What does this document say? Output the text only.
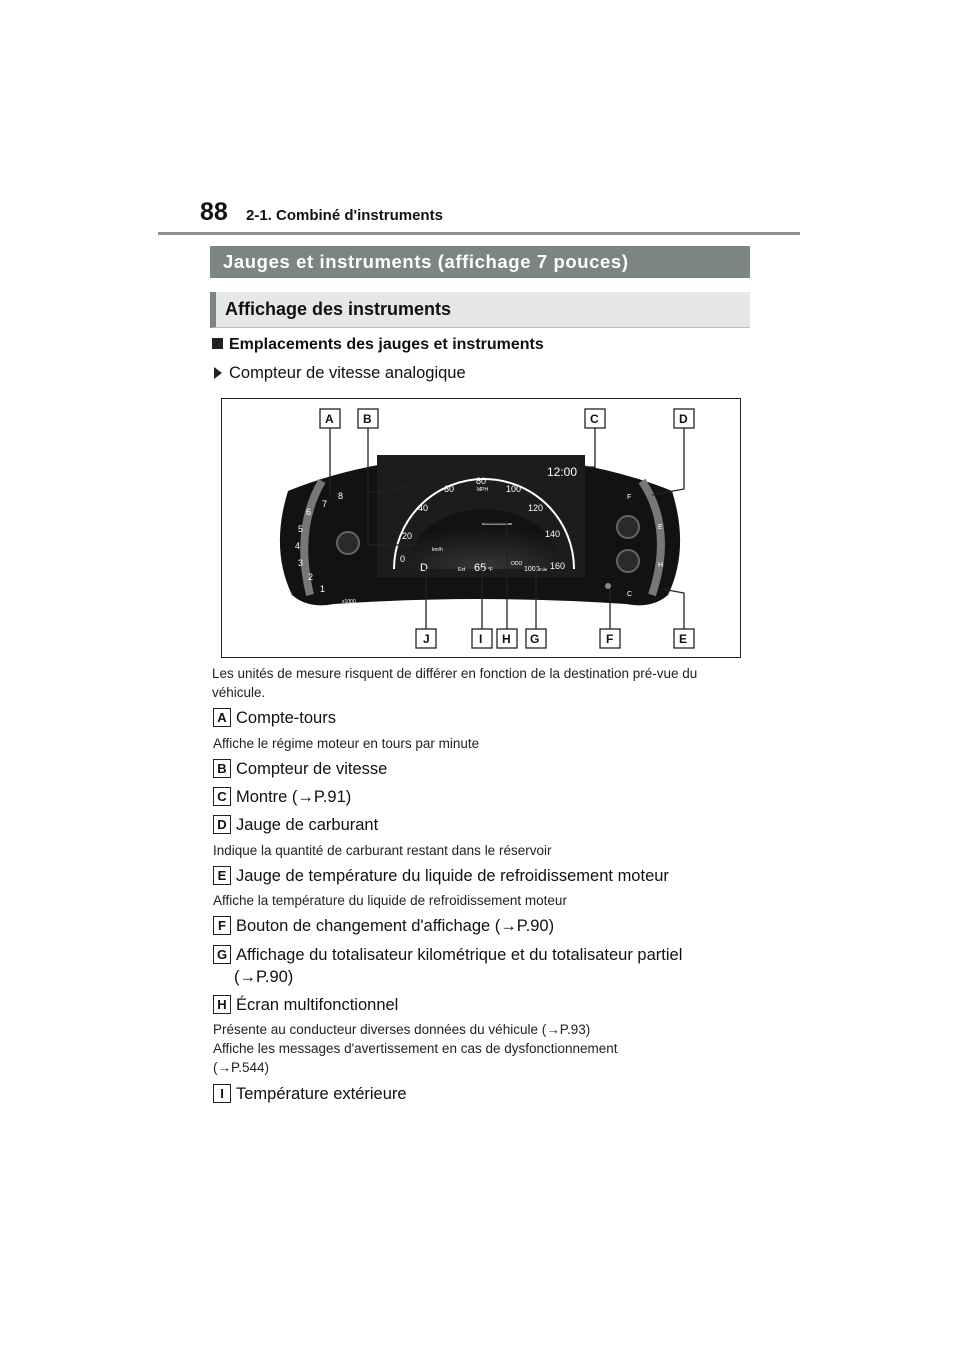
88 2-1. Combiné d'instruments
Jauges et instruments (affichage 7 pouces)
Affichage des instruments
Emplacements des jauges et instruments
Compteur de vitesse analogique
0
20
40
60
80
100
120
140
160
MPH
km/h
12:00
D	Ext 65 °F
ODO
1000 mile
1
2
3
4
5
6
7
8
x1000
r/min
F
E
H
C
A B	C	D
J	I H G	F	E
Les unités de mesure risquent de différer en fonction de la destination pré-vue du véhicule.
A Compte-tours
Affiche le régime moteur en tours par minute
B Compteur de vitesse
C Montre (→P.91)
D Jauge de carburant
Indique la quantité de carburant restant dans le réservoir
E Jauge de température du liquide de refroidissement moteur
Affiche la température du liquide de refroidissement moteur
F Bouton de changement d'affichage (→P.90)
G Affichage du totalisateur kilométrique et du totalisateur partiel
(→P.90)
H Écran multifonctionnel
Présente au conducteur diverses données du véhicule (→P.93)
Affiche les messages d'avertissement en cas de dysfonctionnement
(→P.544)
I Température extérieure
